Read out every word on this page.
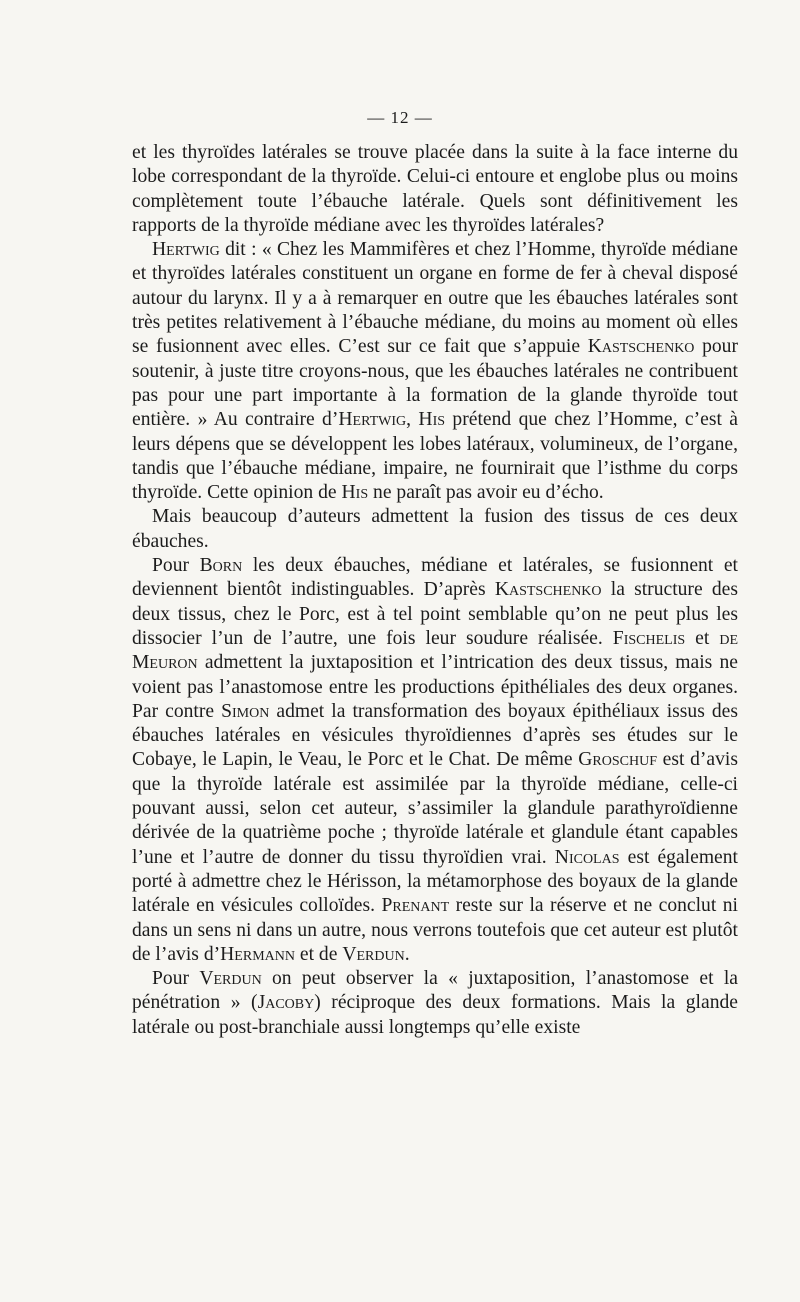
— 12 —

et les thyroïdes latérales se trouve placée dans la suite à la face interne du lobe correspondant de la thyroïde. Celui-ci entoure et englobe plus ou moins complètement toute l’ébauche latérale. Quels sont définitivement les rapports de la thyroïde médiane avec les thyroïdes latérales?

Hertwig dit : « Chez les Mammifères et chez l’Homme, thyroïde médiane et thyroïdes latérales constituent un organe en forme de fer à cheval disposé autour du larynx. Il y a à remarquer en outre que les ébauches latérales sont très petites relativement à l’ébauche médiane, du moins au moment où elles se fusionnent avec elles. C’est sur ce fait que s’appuie Kastschenko pour soutenir, à juste titre croyons-nous, que les ébauches latérales ne contribuent pas pour une part importante à la formation de la glande thyroïde tout entière. » Au contraire d’Hertwig, His prétend que chez l’Homme, c’est à leurs dépens que se développent les lobes latéraux, volumineux, de l’organe, tandis que l’ébauche médiane, impaire, ne fournirait que l’isthme du corps thyroïde. Cette opinion de His ne paraît pas avoir eu d’écho.

Mais beaucoup d’auteurs admettent la fusion des tissus de ces deux ébauches.

Pour Born les deux ébauches, médiane et latérales, se fusionnent et deviennent bientôt indistinguables. D’après Kastschenko la structure des deux tissus, chez le Porc, est à tel point semblable qu’on ne peut plus les dissocier l’un de l’autre, une fois leur soudure réalisée. Fischelis et de Meuron admettent la juxtaposition et l’intrication des deux tissus, mais ne voient pas l’anastomose entre les productions épithéliales des deux organes. Par contre Simon admet la transformation des boyaux épithéliaux issus des ébauches latérales en vésicules thyroïdiennes d’après ses études sur le Cobaye, le Lapin, le Veau, le Porc et le Chat. De même Groschuf est d’avis que la thyroïde latérale est assimilée par la thyroïde médiane, celle-ci pouvant aussi, selon cet auteur, s’assimiler la glandule parathyroïdienne dérivée de la quatrième poche ; thyroïde latérale et glandule étant capables l’une et l’autre de donner du tissu thyroïdien vrai. Nicolas est également porté à admettre chez le Hérisson, la métamorphose des boyaux de la glande latérale en vésicules colloïdes. Prenant reste sur la réserve et ne conclut ni dans un sens ni dans un autre, nous verrons toutefois que cet auteur est plutôt de l’avis d’Hermann et de Verdun.

Pour Verdun on peut observer la « juxtaposition, l’anastomose et la pénétration » (Jacoby) réciproque des deux formations. Mais la glande latérale ou post-branchiale aussi longtemps qu’elle existe
